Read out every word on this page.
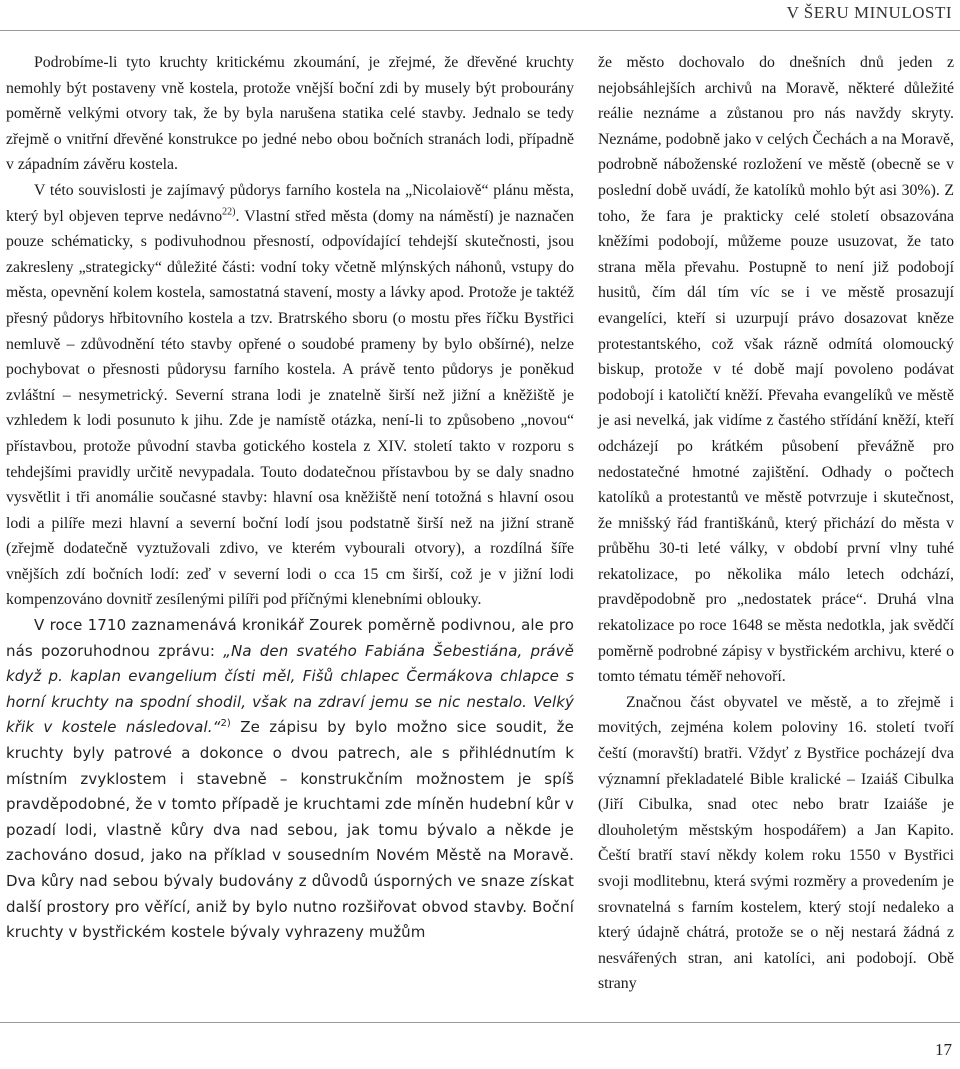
V ŠERU MINULOSTI

Podrobíme-li tyto kruchty kritickému zkoumání, je zřejmé, že dřevěné kruchty nemohly být postaveny vně kostela, protože vnější boční zdi by musely být probourány poměrně velkými otvory tak, že by byla narušena statika celé stavby. Jednalo se tedy zřejmě o vnitřní dřevěné konstrukce po jedné nebo obou bočních stranách lodi, případně v západním závěru kostela.

V této souvislosti je zajímavý půdorys farního kostela na „Nicolaiově“ plánu města, který byl objeven teprve nedávno$^{22)}$. Vlastní střed města (domy na náměstí) je naznačen pouze schématicky, s podivuhodnou přesností, odpovídající tehdejší skutečnosti, jsou zakresleny „strategicky“ důležité části: vodní toky včetně mlýnských náhonů, vstupy do města, opevnění kolem kostela, samostatná stavení, mosty a lávky apod. Protože je taktéž přesný půdorys hřbitovního kostela a tzv. Bratrského sboru (o mostu přes říčku Bystřici nemluvě – zdůvodnění této stavby opřené o soudobé prameny by bylo obšírné), nelze pochybovat o přesnosti půdorysu farního kostela. A právě tento půdorys je poněkud zvláštní – nesymetrický. Severní strana lodi je znatelně širší než jižní a kněžiště je vzhledem k lodi posunuto k jihu. Zde je namístě otázka, není-li to způsobeno „novou“ přístavbou, protože původní stavba gotického kostela z XIV. století takto v rozporu s tehdejšími pravidly určitě nevypadala. Touto dodatečnou přístavbou by se daly snadno vysvětlit i tři anomálie současné stavby: hlavní osa kněžiště není totožná s hlavní osou lodi a pilíře mezi hlavní a severní boční lodí jsou podstatně širší než na jižní straně (zřejmě dodatečně vyztužovali zdivo, ve kterém vybourali otvory), a rozdílná šíře vnějších zdí bočních lodí: zeď v severní lodi o cca 15 cm širší, což je v jižní lodi kompenzováno dovnitř zesílenými pilíři pod příčnými klenebními oblouky.

V roce 1710 zaznamenává kronikář Zourek poměrně podivnou, ale pro nás pozoruhodnou zprávu: „Na den svatého Fabiána Šebestiána, právě když p. kaplan evangelium čísti měl, Fišů chlapec Čermákova chlapce s horní kruchty na spodní shodil, však na zdraví jemu se nic nestalo. Velký křik v kostele následoval.“$^{2)}$ Ze zápisu by bylo možno sice soudit, že kruchty byly patrové a dokonce o dvou patrech, ale s přihlédnutím k místním zvyklostem i stavebně – konstrukčním možnostem je spíš pravděpodobné, že v tomto případě je kruchtami zde míněn hudební kůr v pozadí lodi, vlastně kůry dva nad sebou, jak tomu bývalo a někde je zachováno dosud, jako na příklad v sousedním Novém Městě na Moravě. Dva kůry nad sebou bývaly budovány z důvodů úsporných ve snaze získat další prostory pro věřící, aniž by bylo nutno rozšiřovat obvod stavby. Boční kruchty v bystřickém kostele bývaly vyhrazeny mužům

že město dochovalo do dnešních dnů jeden z nejobsáhlejších archivů na Moravě, některé důležité reálie neznáme a zůstanou pro nás navždy skryty. Neznáme, podobně jako v celých Čechách a na Moravě, podrobně náboženské rozložení ve městě (obecně se v poslední době uvádí, že katolíků mohlo být asi 30%). Z toho, že fara je prakticky celé století obsazována kněžími podobojí, můžeme pouze usuzovat, že tato strana měla převahu. Postupně to není již podobojí husitů, čím dál tím víc se i ve městě prosazují evangelíci, kteří si uzurpují právo dosazovat kněze protestantského, což však rázně odmítá olomoucký biskup, protože v té době mají povoleno podávat podobojí i katoličtí kněží. Převaha evangelíků ve městě je asi nevelká, jak vidíme z častého střídání kněží, kteří odcházejí po krátkém působení převážně pro nedostatečné hmotné zajištění. Odhady o počtech katolíků a protestantů ve městě potvrzuje i skutečnost, že mnišský řád františkánů, který přichází do města v průběhu 30-ti leté války, v období první vlny tuhé rekatolizace, po několika málo letech odchází, pravděpodobně pro „nedostatek práce“. Druhá vlna rekatolizace po roce 1648 se města nedotkla, jak svědčí poměrně podrobné zápisy v bystřickém archivu, které o tomto tématu téměř nehovoří.

Značnou část obyvatel ve městě, a to zřejmě i movitých, zejména kolem poloviny 16. století tvoří čeští (moravští) bratři. Vždyť z Bystřice pocházejí dva významní překladatelé Bible kralické – Izaiáš Cibulka (Jiří Cibulka, snad otec nebo bratr Izaiáše je dlouholetým městským hospodářem) a Jan Kapito. Čeští bratří staví někdy kolem roku 1550 v Bystřici svoji modlitebnu, která svými rozměry a provedením je srovnatelná s farním kostelem, který stojí nedaleko a který údajně chátrá, protože se o něj nestará žádná z nesvářených stran, ani katolíci, ani podobojí. Obě strany

17
